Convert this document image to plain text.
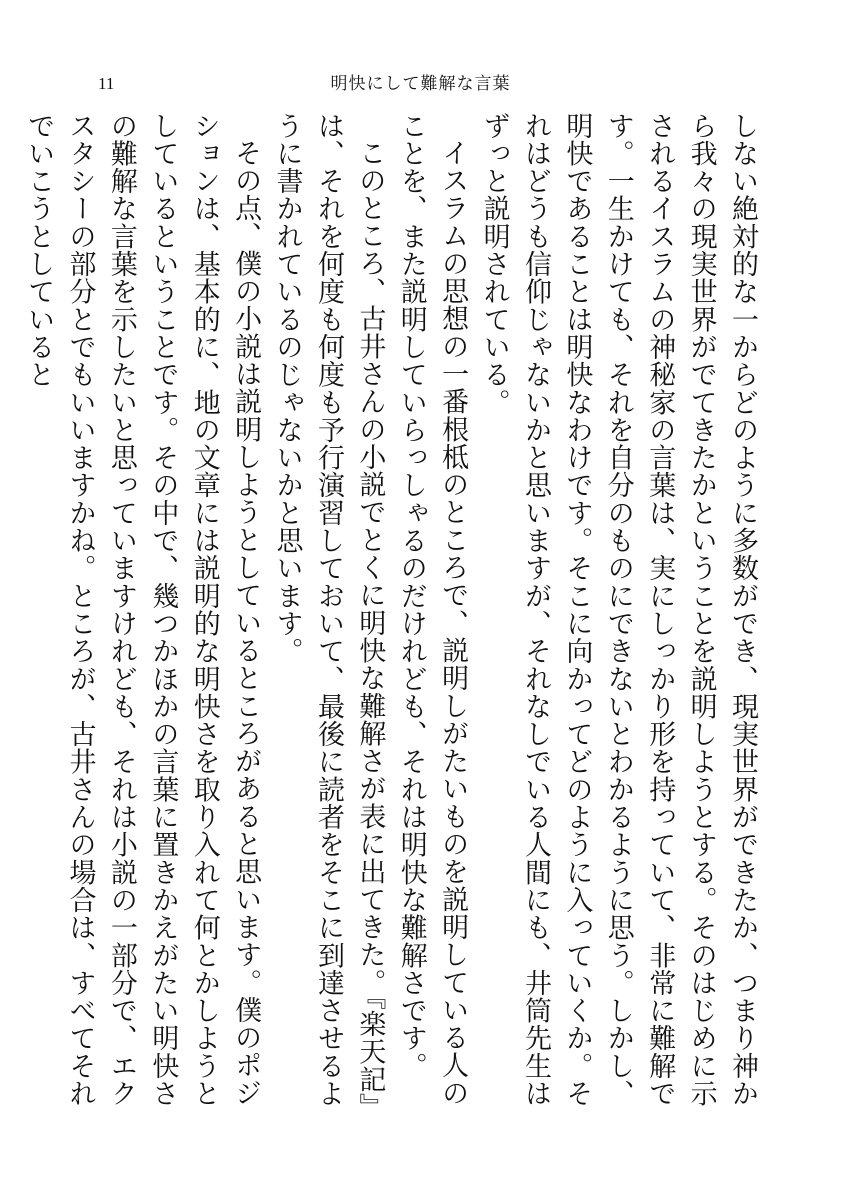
11	明快にして難解な言葉

しない絶対的な一からどのように多数ができ、現実世界ができたか、つまり神から我々の現実世界がでてきたかということを説明しようとする。そのはじめに示されるイスラムの神秘家の言葉は、実にしっかり形を持っていて、非常に難解です。一生かけても、それを自分のものにできないとわかるように思う。しかし、明快であることは明快なわけです。そこに向かってどのように入っていくか。それはどうも信仰じゃないかと思いますが、それなしでいる人間にも、井筒先生はずっと説明されている。

イスラムの思想の一番根柢のところで、説明しがたいものを説明している人のことを、また説明していらっしゃるのだけれども、それは明快な難解さです。

このところ、古井さんの小説でとくに明快な難解さが表に出てきた。『楽天記』は、それを何度も何度も予行演習しておいて、最後に読者をそこに到達させるように書かれているのじゃないかと思います。

その点、僕の小説は説明しようとしているところがあると思います。僕のポジションは、基本的に、地の文章には説明的な明快さを取り入れて何とかしようとしているということです。その中で、幾つかほかの言葉に置きかえがたい明快さの難解な言葉を示したいと思っていますけれども、それは小説の一部分で、エクスタシーの部分とでもいいますかね。ところが、古井さんの場合は、すべてそれでいこうとしていると
